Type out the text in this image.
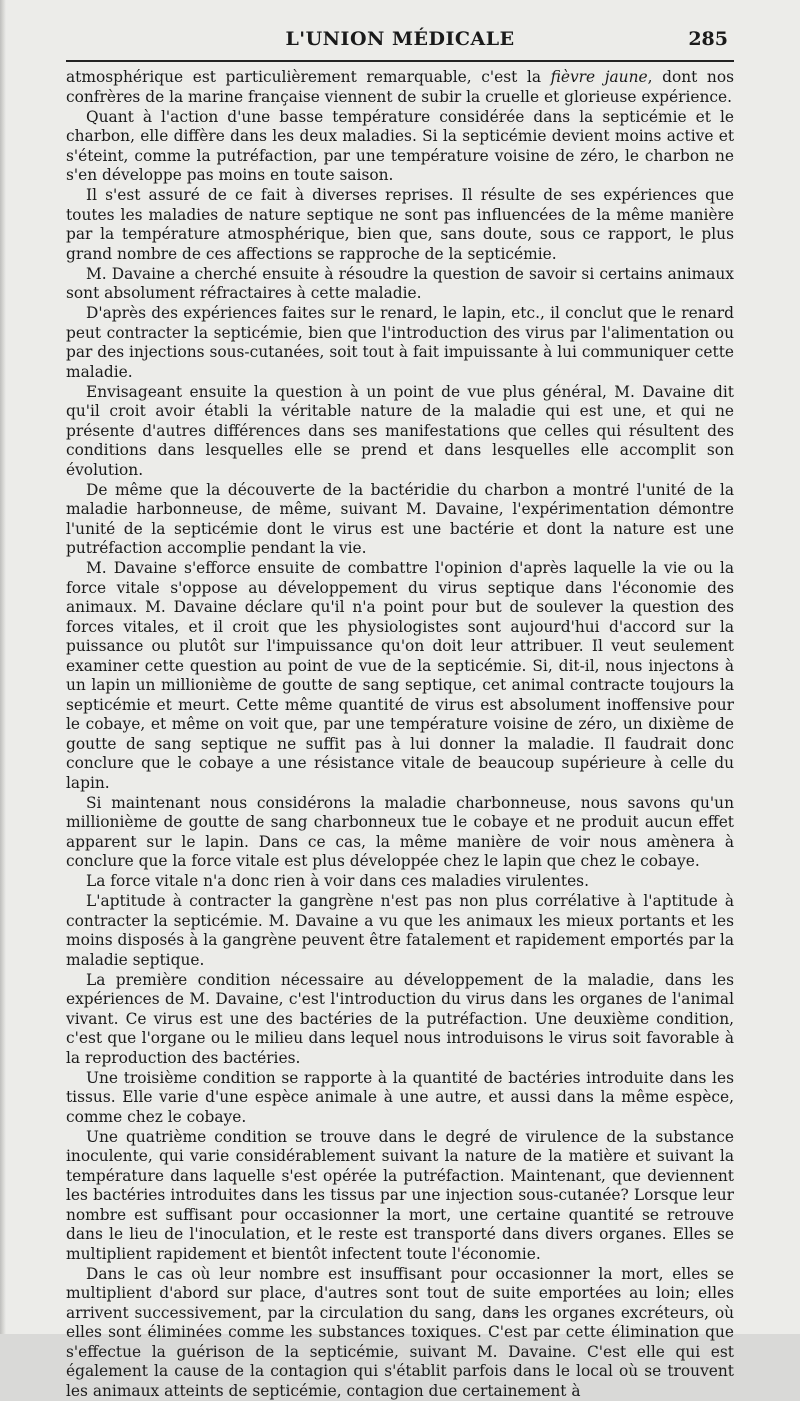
L'UNION MÉDICALE	285

atmosphérique est particulièrement remarquable, c'est la fièvre jaune, dont nos confrères de la marine française viennent de subir la cruelle et glorieuse expérience.

Quant à l'action d'une basse température considérée dans la septicémie et le charbon, elle diffère dans les deux maladies. Si la septicémie devient moins active et s'éteint, comme la putréfaction, par une température voisine de zéro, le charbon ne s'en développe pas moins en toute saison.

Il s'est assuré de ce fait à diverses reprises. Il résulte de ses expériences que toutes les maladies de nature septique ne sont pas influencées de la même manière par la température atmosphérique, bien que, sans doute, sous ce rapport, le plus grand nombre de ces affections se rapproche de la septicémie.

M. Davaine a cherché ensuite à résoudre la question de savoir si certains animaux sont absolument réfractaires à cette maladie.

D'après des expériences faites sur le renard, le lapin, etc., il conclut que le renard peut contracter la septicémie, bien que l'introduction des virus par l'alimentation ou par des injections sous-cutanées, soit tout à fait impuissante à lui communiquer cette maladie.

Envisageant ensuite la question à un point de vue plus général, M. Davaine dit qu'il croit avoir établi la véritable nature de la maladie qui est une, et qui ne présente d'autres différences dans ses manifestations que celles qui résultent des conditions dans lesquelles elle se prend et dans lesquelles elle accomplit son évolution.

De même que la découverte de la bactéridie du charbon a montré l'unité de la maladie harbonneuse, de même, suivant M. Davaine, l'expérimentation démontre l'unité de la septicémie dont le virus est une bactérie et dont la nature est une putréfaction accomplie pendant la vie.

M. Davaine s'efforce ensuite de combattre l'opinion d'après laquelle la vie ou la force vitale s'oppose au développement du virus septique dans l'économie des animaux. M. Davaine déclare qu'il n'a point pour but de soulever la question des forces vitales, et il croit que les physiologistes sont aujourd'hui d'accord sur la puissance ou plutôt sur l'impuissance qu'on doit leur attribuer. Il veut seulement examiner cette question au point de vue de la septicémie. Si, dit-il, nous injectons à un lapin un millionième de goutte de sang septique, cet animal contracte toujours la septicémie et meurt. Cette même quantité de virus est absolument inoffensive pour le cobaye, et même on voit que, par une température voisine de zéro, un dixième de goutte de sang septique ne suffit pas à lui donner la maladie. Il faudrait donc conclure que le cobaye a une résistance vitale de beaucoup supérieure à celle du lapin.

Si maintenant nous considérons la maladie charbonneuse, nous savons qu'un millionième de goutte de sang charbonneux tue le cobaye et ne produit aucun effet apparent sur le lapin. Dans ce cas, la même manière de voir nous amènera à conclure que la force vitale est plus développée chez le lapin que chez le cobaye.

La force vitale n'a donc rien à voir dans ces maladies virulentes.

L'aptitude à contracter la gangrène n'est pas non plus corrélative à l'aptitude à contracter la septicémie. M. Davaine a vu que les animaux les mieux portants et les moins disposés à la gangrène peuvent être fatalement et rapidement emportés par la maladie septique.

La première condition nécessaire au développement de la maladie, dans les expériences de M. Davaine, c'est l'introduction du virus dans les organes de l'animal vivant. Ce virus est une des bactéries de la putréfaction. Une deuxième condition, c'est que l'organe ou le milieu dans lequel nous introduisons le virus soit favorable à la reproduction des bactéries.

Une troisième condition se rapporte à la quantité de bactéries introduite dans les tissus. Elle varie d'une espèce animale à une autre, et aussi dans la même espèce, comme chez le cobaye.

Une quatrième condition se trouve dans le degré de virulence de la substance inoculente, qui varie considérablement suivant la nature de la matière et suivant la température dans laquelle s'est opérée la putréfaction. Maintenant, que deviennent les bactéries introduites dans les tissus par une injection sous-cutanée? Lorsque leur nombre est suffisant pour occasionner la mort, une certaine quantité se retrouve dans le lieu de l'inoculation, et le reste est transporté dans divers organes. Elles se multiplient rapidement et bientôt infectent toute l'économie.

Dans le cas où leur nombre est insuffisant pour occasionner la mort, elles se multiplient d'abord sur place, d'autres sont tout de suite emportées au loin; elles arrivent successivement, par la circulation du sang, dans les organes excréteurs, où elles sont éliminées comme les substances toxiques. C'est par cette élimination que s'effectue la guérison de la septicémie, suivant M. Davaine. C'est elle qui est également la cause de la contagion qui s'établit parfois dans le local où se trouvent les animaux atteints de septicémie, contagion due certainement à
